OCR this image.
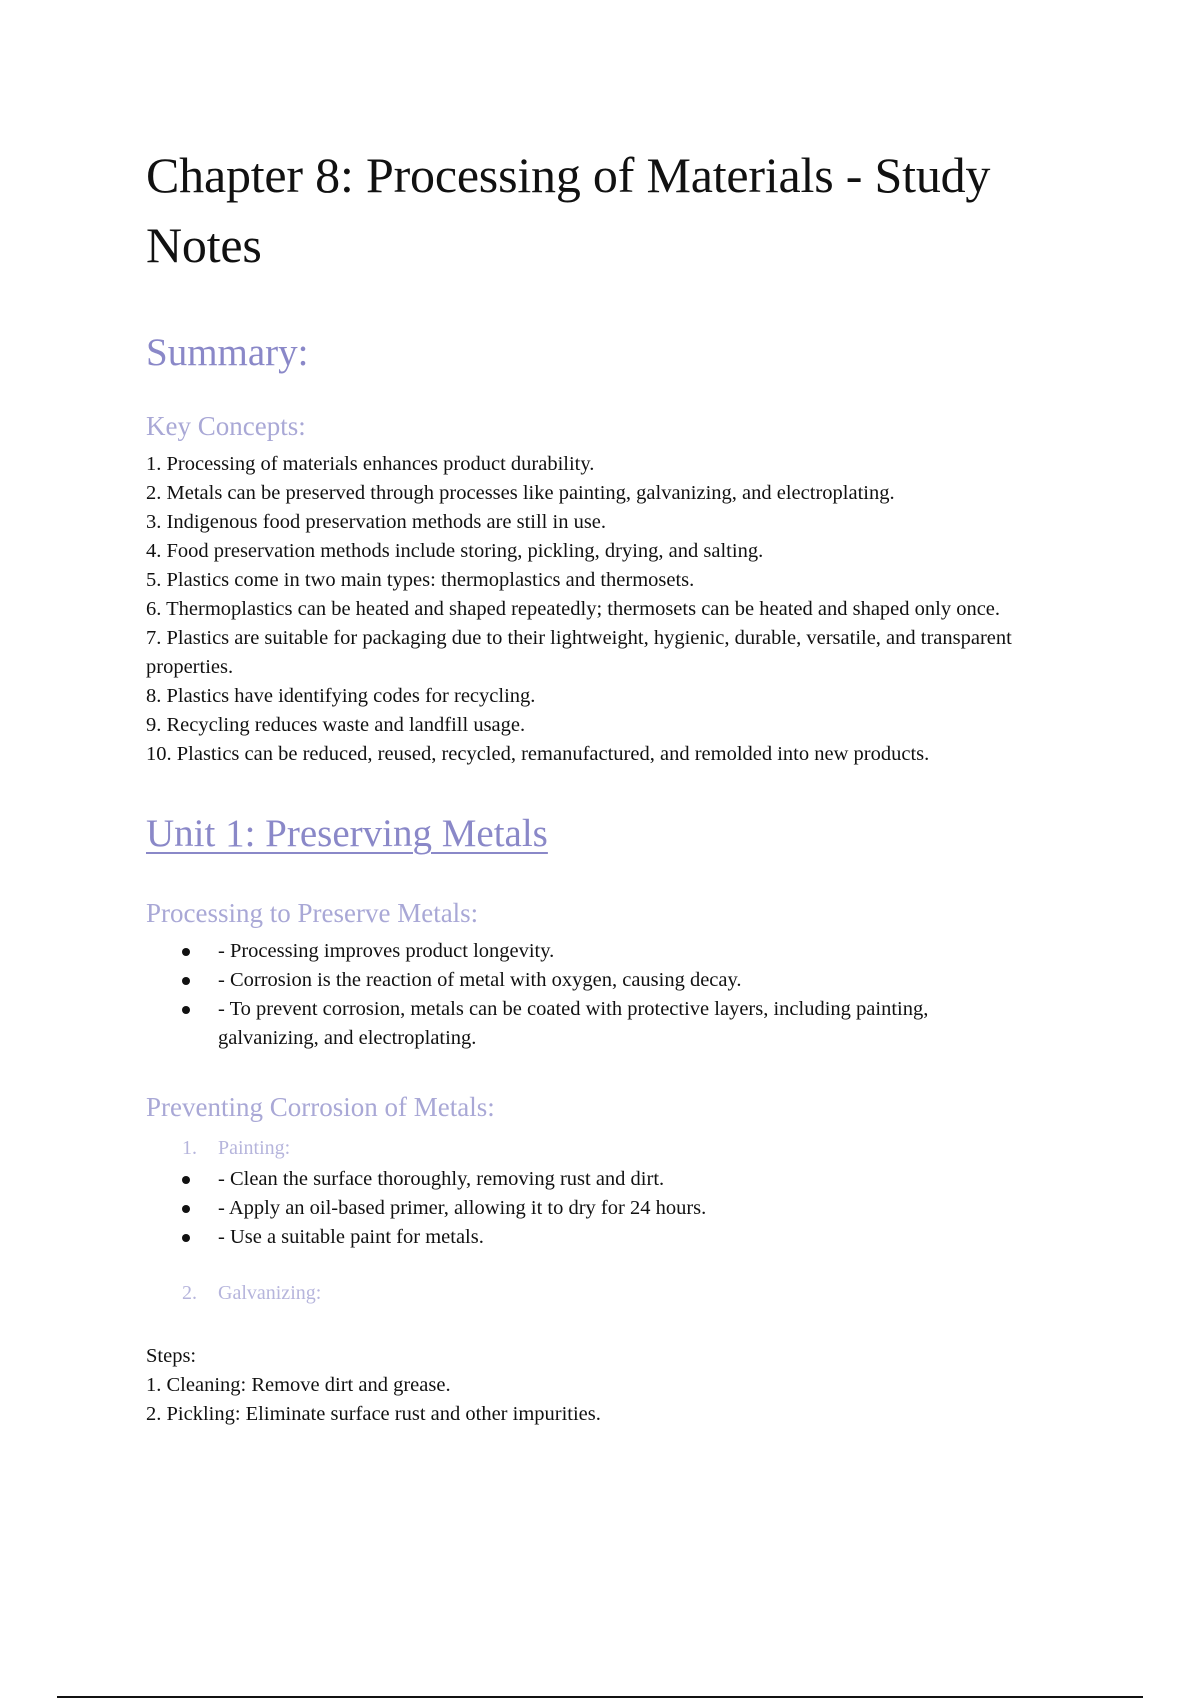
Chapter 8: Processing of Materials - Study Notes
Summary:
Key Concepts:
1. Processing of materials enhances product durability.
2. Metals can be preserved through processes like painting, galvanizing, and electroplating.
3. Indigenous food preservation methods are still in use.
4. Food preservation methods include storing, pickling, drying, and salting.
5. Plastics come in two main types: thermoplastics and thermosets.
6. Thermoplastics can be heated and shaped repeatedly; thermosets can be heated and shaped only once.
7. Plastics are suitable for packaging due to their lightweight, hygienic, durable, versatile, and transparent
properties.
8. Plastics have identifying codes for recycling.
9. Recycling reduces waste and landfill usage.
10. Plastics can be reduced, reused, recycled, remanufactured, and remolded into new products.
Unit 1: Preserving Metals
Processing to Preserve Metals:
- Processing improves product longevity.
- Corrosion is the reaction of metal with oxygen, causing decay.
- To prevent corrosion, metals can be coated with protective layers, including painting,
galvanizing, and electroplating.
Preventing Corrosion of Metals:
1. Painting:
- Clean the surface thoroughly, removing rust and dirt.
- Apply an oil-based primer, allowing it to dry for 24 hours.
- Use a suitable paint for metals.
2. Galvanizing:
Steps:
1. Cleaning: Remove dirt and grease.
2. Pickling: Eliminate surface rust and other impurities.
